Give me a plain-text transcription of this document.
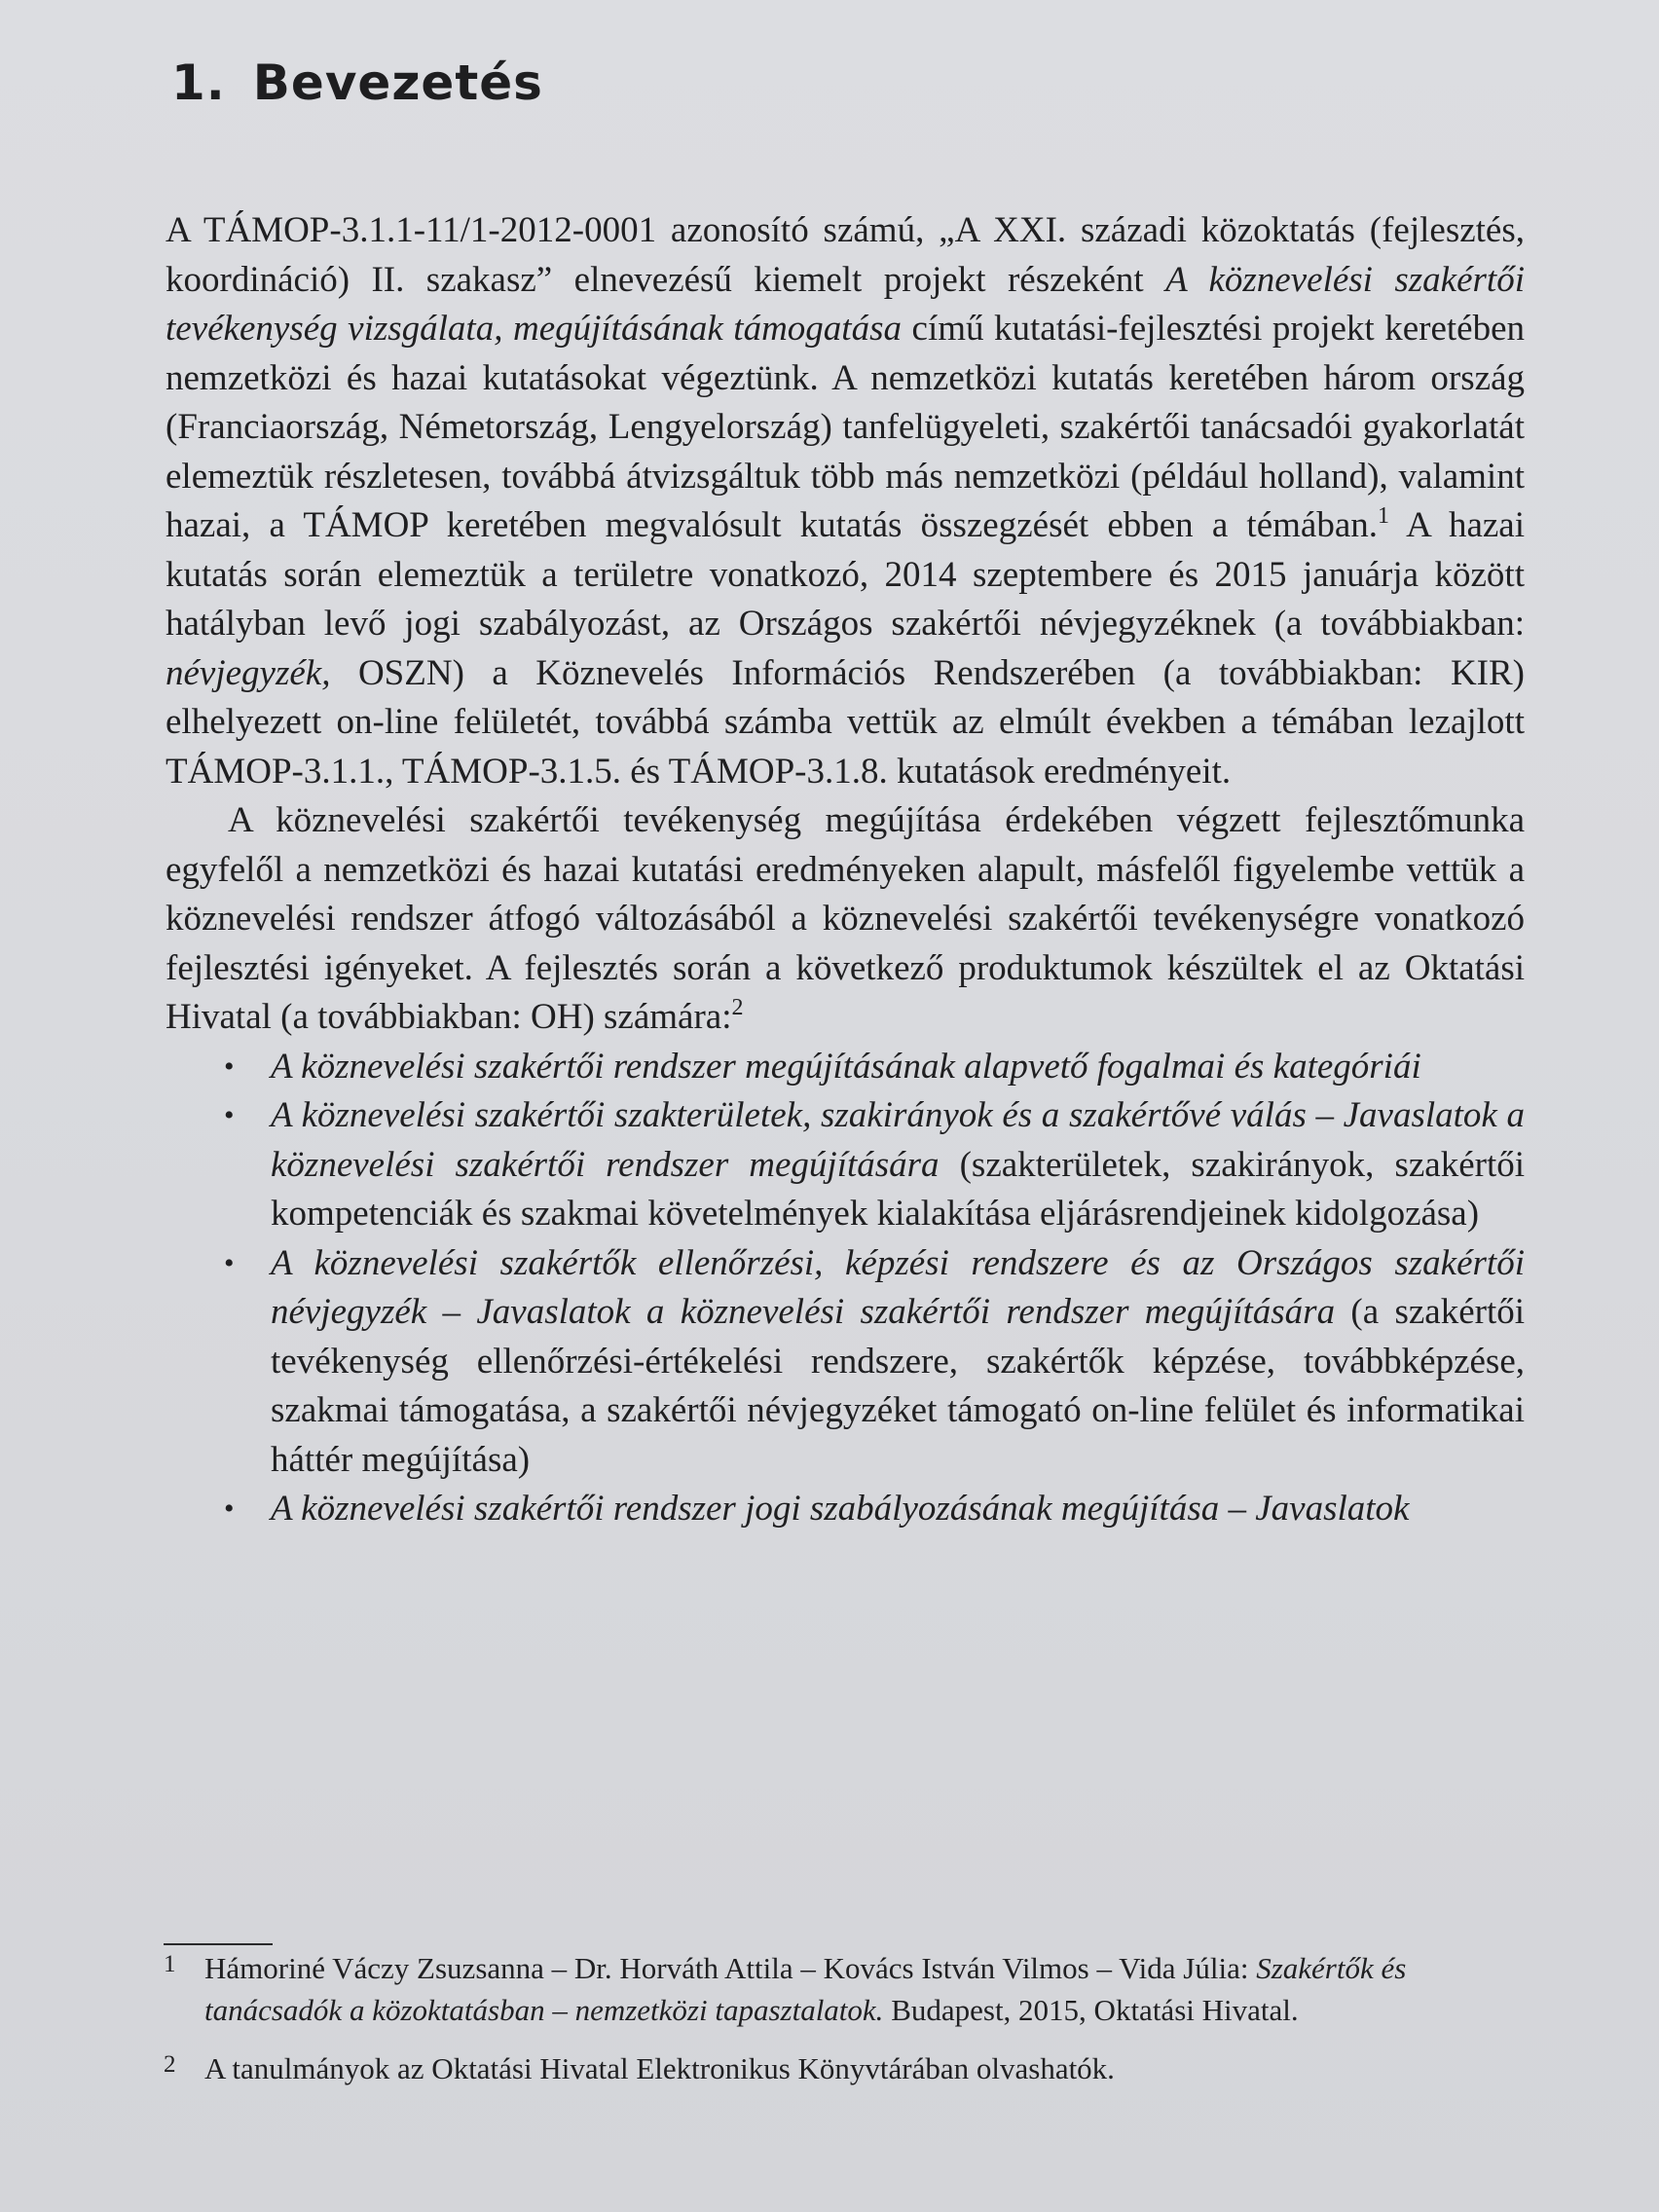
1. Bevezetés

A TÁMOP-3.1.1-11/1-2012-0001 azonosító számú, „A XXI. századi közoktatás (fejlesztés, koordináció) II. szakasz” elnevezésű kiemelt projekt részeként A köznevelési szakértői tevékenység vizsgálata, megújításának támogatása című kutatási-fejlesztési projekt keretében nemzetközi és hazai kutatásokat végeztünk. A nemzetközi kutatás keretében három ország (Franciaország, Németország, Lengyelország) tanfelügyeleti, szakértői tanácsadói gyakorlatát elemeztük részletesen, továbbá átvizsgáltuk több más nemzetközi (például holland), valamint hazai, a TÁMOP keretében megvalósult kutatás összegzését ebben a témában.$^1$ A hazai kutatás során elemeztük a területre vonatkozó, 2014 szeptembere és 2015 januárja között hatályban levő jogi szabályozást, az Országos szakértői névjegyzéknek (a továbbiakban: névjegyzék, OSZN) a Köznevelés Információs Rendszerében (a továbbiakban: KIR) elhelyezett on-line felületét, továbbá számba vettük az elmúlt években a témában lezajlott TÁMOP-3.1.1., TÁMOP-3.1.5. és TÁMOP-3.1.8. kutatások eredményeit.

A köznevelési szakértői tevékenység megújítása érdekében végzett fejlesztőmunka egyfelől a nemzetközi és hazai kutatási eredményeken alapult, másfelől figyelembe vettük a köznevelési rendszer átfogó változásából a köznevelési szakértői tevékenységre vonatkozó fejlesztési igényeket. A fejlesztés során a következő produktumok készültek el az Oktatási Hivatal (a továbbiakban: OH) számára:$^2$

• A köznevelési szakértői rendszer megújításának alapvető fogalmai és kategóriái
• A köznevelési szakértői szakterületek, szakirányok és a szakértővé válás – Javaslatok a köznevelési szakértői rendszer megújítására (szakterületek, szakirányok, szakértői kompetenciák és szakmai követelmények kialakítása eljárásrendjeinek kidolgozása)
• A köznevelési szakértők ellenőrzési, képzési rendszere és az Országos szakértői névjegyzék – Javaslatok a köznevelési szakértői rendszer megújítására (a szakértői tevékenység ellenőrzési-értékelési rendszere, szakértők képzése, továbbképzése, szakmai támogatása, a szakértői névjegyzéket támogató on-line felület és informatikai háttér megújítása)
• A köznevelési szakértői rendszer jogi szabályozásának megújítása – Javaslatok

1 Hámoriné Váczy Zsuzsanna – Dr. Horváth Attila – Kovács István Vilmos – Vida Júlia: Szakértők és tanácsadók a közoktatásban – nemzetközi tapasztalatok. Budapest, 2015, Oktatási Hivatal.

2 A tanulmányok az Oktatási Hivatal Elektronikus Könyvtárában olvashatók.
